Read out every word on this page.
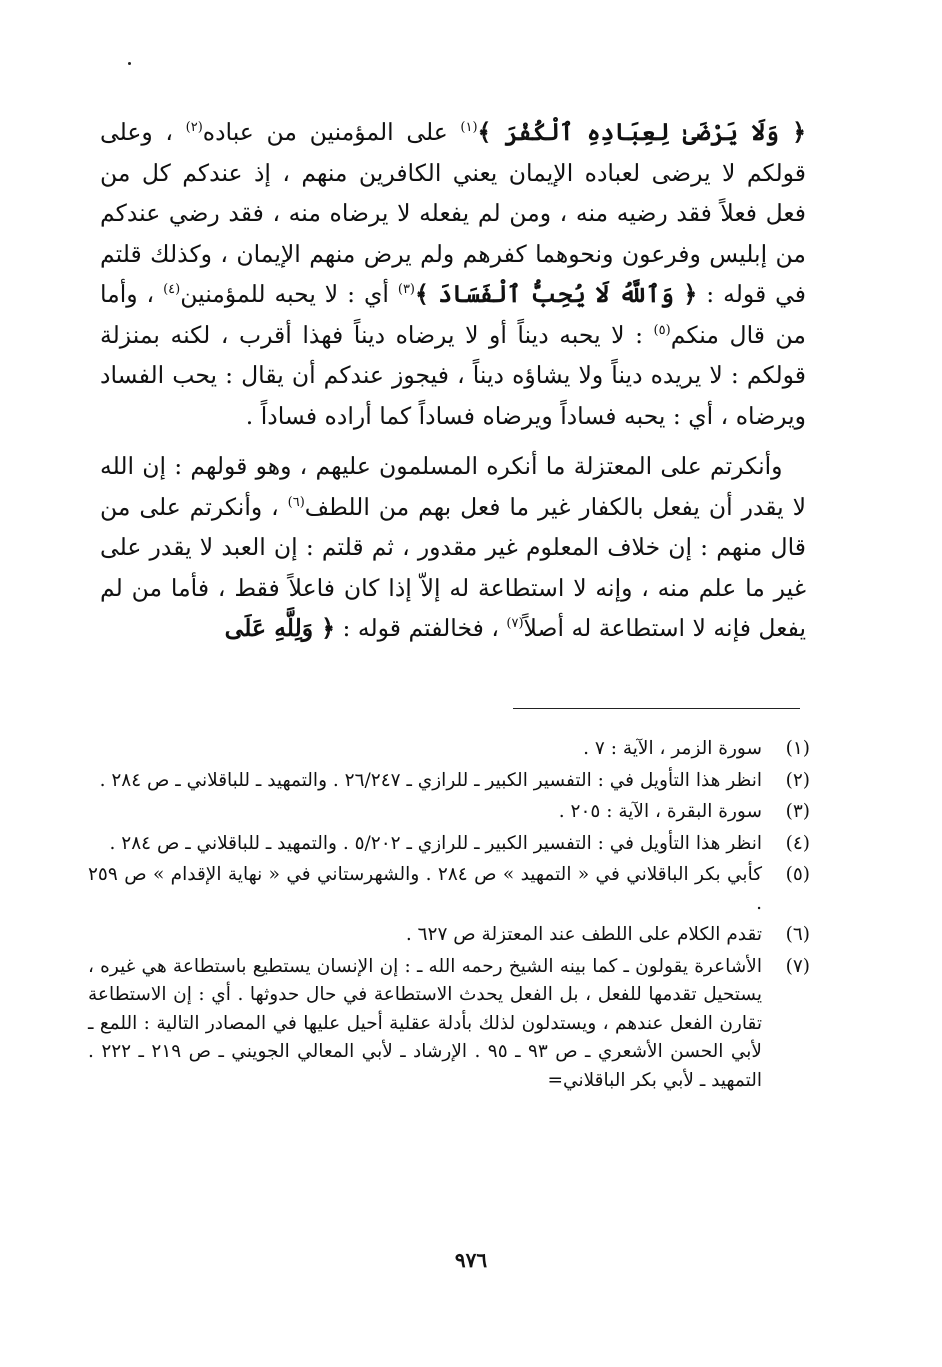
﴿ وَلَا يَرْضَىٰ لِعِبَادِهِ ٱلْكُفْرَ ﴾$^{(١)}$ على المؤمنين من عباده$^{(٢)}$ ، وعلى قولكم لا يرضى لعباده الإيمان يعني الكافرين منهم ، إذ عندكم كل من فعل فعلاً فقد رضيه منه ، ومن لم يفعله لا يرضاه منه ، فقد رضي عندكم من إبليس وفرعون ونحوهما كفرهم ولم يرض منهم الإيمان ، وكذلك قلتم في قوله : ﴿ وَٱللَّهُ لَا يُحِبُّ ٱلْفَسَادَ ﴾$^{(٣)}$ أي : لا يحبه للمؤمنين$^{(٤)}$ ، وأما من قال منكم$^{(٥)}$ : لا يحبه ديناً أو لا يرضاه ديناً فهذا أقرب ، لكنه بمنزلة قولكم : لا يريده ديناً ولا يشاؤه ديناً ، فيجوز عندكم أن يقال : يحب الفساد ويرضاه ، أي : يحبه فساداً ويرضاه فساداً كما أراده فساداً .

 وأنكرتم على المعتزلة ما أنكره المسلمون عليهم ، وهو قولهم : إن الله لا يقدر أن يفعل بالكفار غير ما فعل بهم من اللطف$^{(٦)}$ ، وأنكرتم على من قال منهم : إن خلاف المعلوم غير مقدور ، ثم قلتم : إن العبد لا يقدر على غير ما علم منه ، وإنه لا استطاعة له إلاّ إذا كان فاعلاً فقط ، فأما من لم يفعل فإنه لا استطاعة له أصلاً$^{(٧)}$ ، فخالفتم قوله : ﴿ وَلِلَّهِ عَلَى

(١)
سورة الزمر ، الآية : ٧ .
(٢)
انظر هذا التأويل في : التفسير الكبير ـ للرازي ـ ٢٦/٢٤٧ . والتمهيد ـ للباقلاني ـ ص ٢٨٤ .
(٣)
سورة البقرة ، الآية : ٢٠٥ .
(٤)
انظر هذا التأويل في : التفسير الكبير ـ للرازي ـ ٥/٢٠٢ . والتمهيد ـ للباقلاني ـ ص ٢٨٤ .
(٥)
كأبي بكر الباقلاني في « التمهيد » ص ٢٨٤ . والشهرستاني في « نهاية الإقدام » ص ٢٥٩ .
(٦)
تقدم الكلام على اللطف عند المعتزلة ص ٦٢٧ .
(٧)
الأشاعرة يقولون ـ كما بينه الشيخ رحمه الله ـ : إن الإنسان يستطيع باستطاعة هي غيره ، يستحيل تقدمها للفعل ، بل الفعل يحدث الاستطاعة في حال حدوثها . أي : إن الاستطاعة تقارن الفعل عندهم ، ويستدلون لذلك بأدلة عقلية أحيل عليها في المصادر التالية : اللمع ـ لأبي الحسن الأشعري ـ ص ٩٣ ـ ٩٥ . الإرشاد ـ لأبي المعالي الجويني ـ ص ٢١٩ ـ ٢٢٢ . التمهيد ـ لأبي بكر الباقلاني=
٩٧٦
